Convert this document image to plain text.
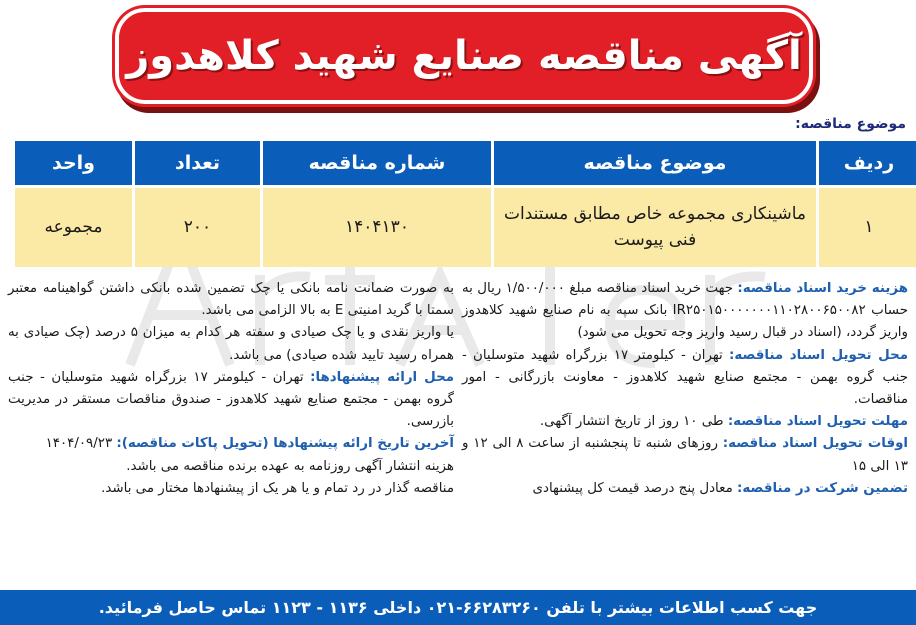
آگهی مناقصه صنایع شهید کلاهدوز
موضوع مناقصه:
ردیف	موضوع مناقصه	شماره مناقصه	تعداد	واحد
۱	ماشینکاری مجموعه خاص مطابق مستندات فنی پیوست	۱۴۰۴۱۳۰	۲۰۰	مجموعه

هزینه خرید اسناد مناقصه: جهت خرید اسناد مناقصه مبلغ ۱/۵۰۰/۰۰۰ ریال به حساب IR۲۵۰۱۵۰۰۰۰۰۰۰۱۱۰۲۸۰۰۶۵۰۰۸۲ بانک سپه به نام صنایع شهید کلاهدوز واریز گردد، (اسناد در قبال رسید واریز وجه تحویل می شود)

محل تحویل اسناد مناقصه: تهران - کیلومتر ۱۷ بزرگراه شهید متوسلیان - جنب گروه بهمن - مجتمع صنایع شهید کلاهدوز - معاونت بازرگانی - امور مناقصات.

مهلت تحویل اسناد مناقصه: طی ۱۰ روز از تاریخ انتشار آگهی.

اوقات تحویل اسناد مناقصه: روزهای شنبه تا پنجشنبه از ساعت ۸ الی ۱۲ و ۱۳ الی ۱۵

تضمین شرکت در مناقصه: معادل پنج درصد قیمت کل پیشنهادی

به صورت ضمانت نامه بانکی یا چک تضمین شده بانکی داشتن گواهینامه معتبر سمتا با گرید امنیتی E به بالا الزامی می باشد.

یا واریز نقدی و یا چک صیادی و سفته هر کدام به میزان ۵ درصد (چک صیادی به همراه رسید تایید شده صیادی) می باشد.

محل ارائه پیشنهادها: تهران - کیلومتر ۱۷ بزرگراه شهید متوسلیان - جنب گروه بهمن - مجتمع صنایع شهید کلاهدوز - صندوق مناقصات مستقر در مدیریت بازرسی.

آخرین تاریخ ارائه پیشنهادها (تحویل پاکات مناقصه): ۱۴۰۴/۰۹/۲۳

هزینه انتشار آگهی روزنامه به عهده برنده مناقصه می باشد.

مناقصه گذار در رد تمام و یا هر یک از پیشنهادها مختار می باشد.

جهت کسب اطلاعات بیشتر با تلفن ۶۶۲۸۳۲۶۰-۰۲۱ داخلی ۱۱۳۶ - ۱۱۲۳ تماس حاصل فرمائید.
